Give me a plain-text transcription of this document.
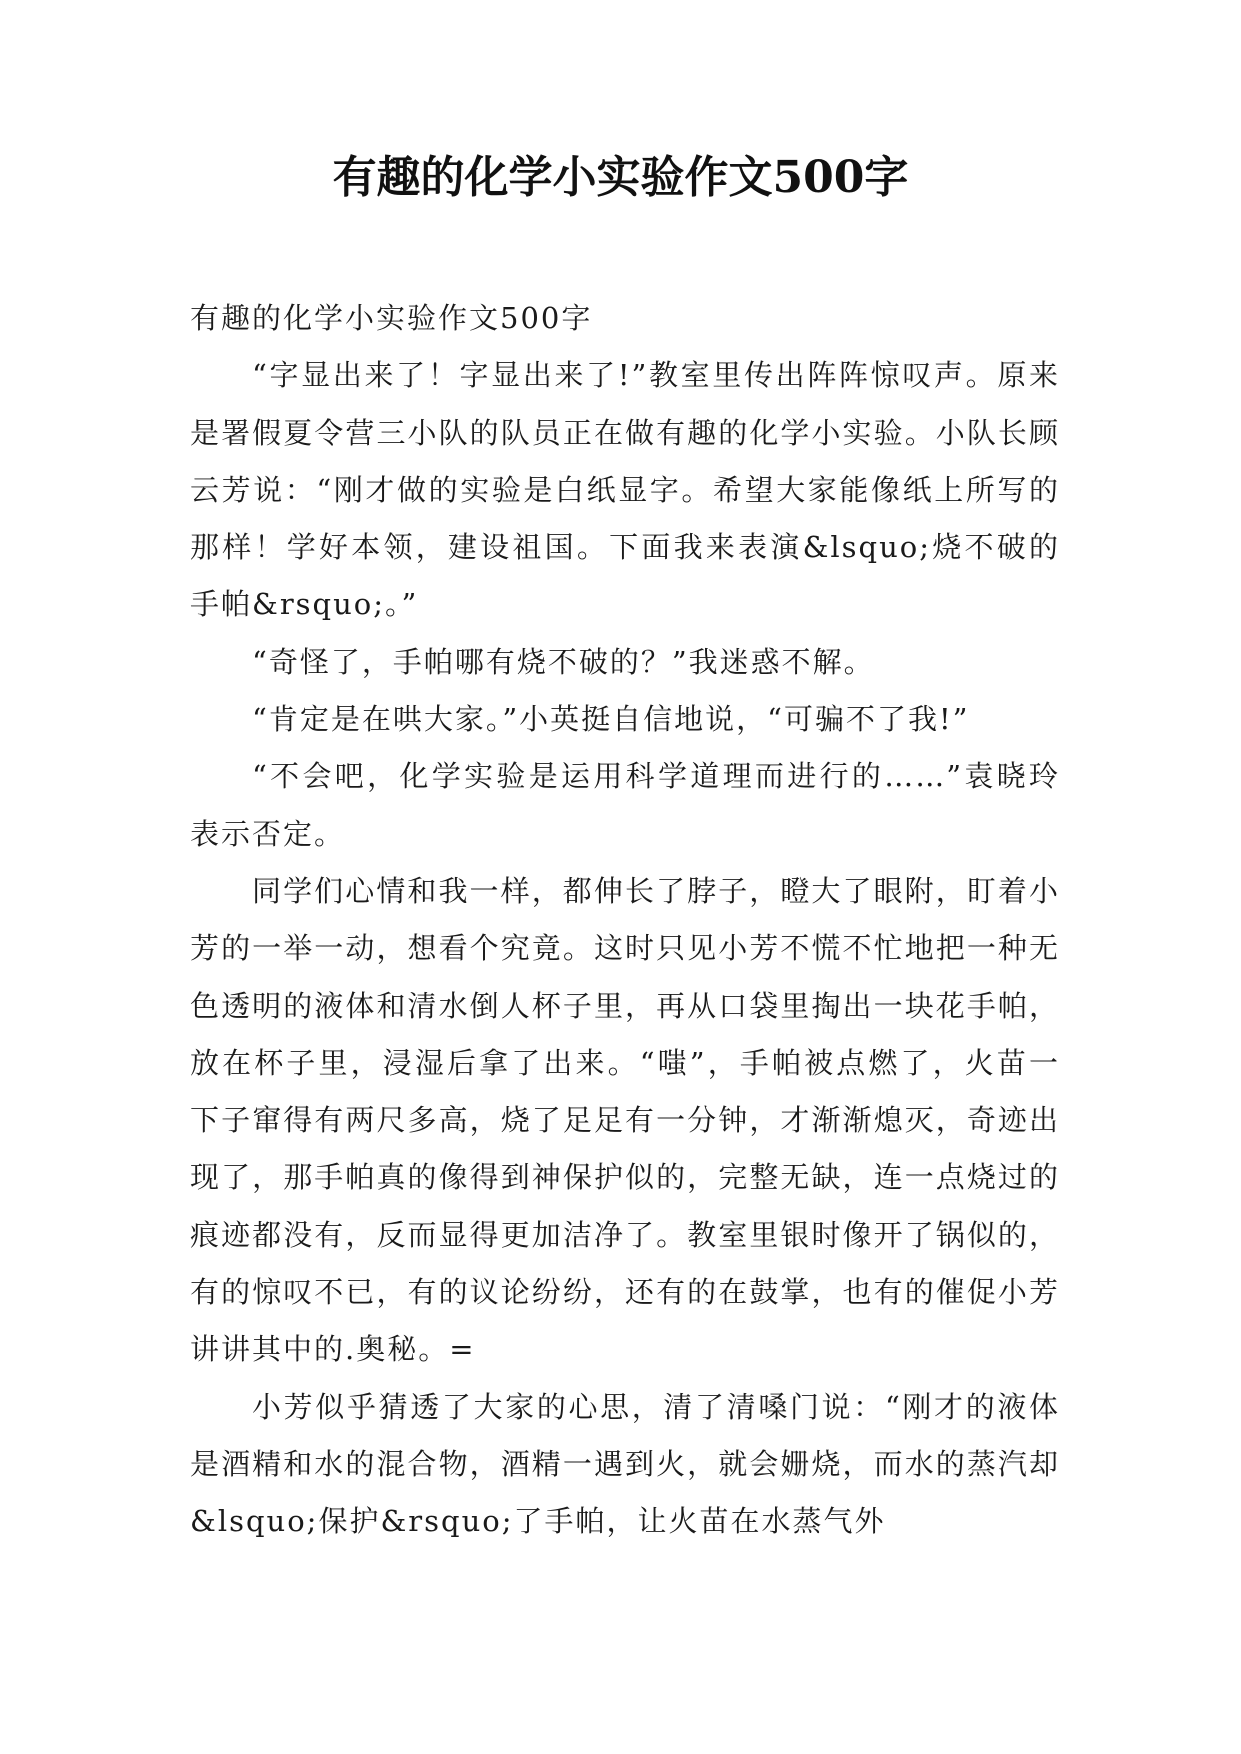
有趣的化学小实验作文500字

有趣的化学小实验作文500字

“字显出来了！字显出来了!”教室里传出阵阵惊叹声。原来是署假夏令营三小队的队员正在做有趣的化学小实验。小队长顾云芳说：“刚才做的实验是白纸显字。希望大家能像纸上所写的那样！学好本领，建设祖国。下面我来表演&lsquo;烧不破的手帕&rsquo;。”

“奇怪了，手帕哪有烧不破的？”我迷惑不解。

“肯定是在哄大家。”小英挺自信地说，“可骗不了我!”

“不会吧，化学实验是运用科学道理而进行的……”袁晓玲表示否定。

同学们心情和我一样，都伸长了脖子，瞪大了眼附，盯着小芳的一举一动，想看个究竟。这时只见小芳不慌不忙地把一种无色透明的液体和清水倒人杯子里，再从口袋里掏出一块花手帕，放在杯子里，浸湿后拿了出来。“嗤”，手帕被点燃了，火苗一下子窜得有两尺多高，烧了足足有一分钟，才渐渐熄灭，奇迹出现了，那手帕真的像得到神保护似的，完整无缺，连一点烧过的痕迹都没有，反而显得更加洁净了。教室里银时像开了锅似的，有的惊叹不已，有的议论纷纷，还有的在鼓掌，也有的催促小芳讲讲其中的.奥秘。=

小芳似乎猜透了大家的心思，清了清嗓门说：“刚才的液体是酒精和水的混合物，酒精一遇到火，就会姗烧，而水的蒸汽却&lsquo;保护&rsquo;了手帕，让火苗在水蒸气外
